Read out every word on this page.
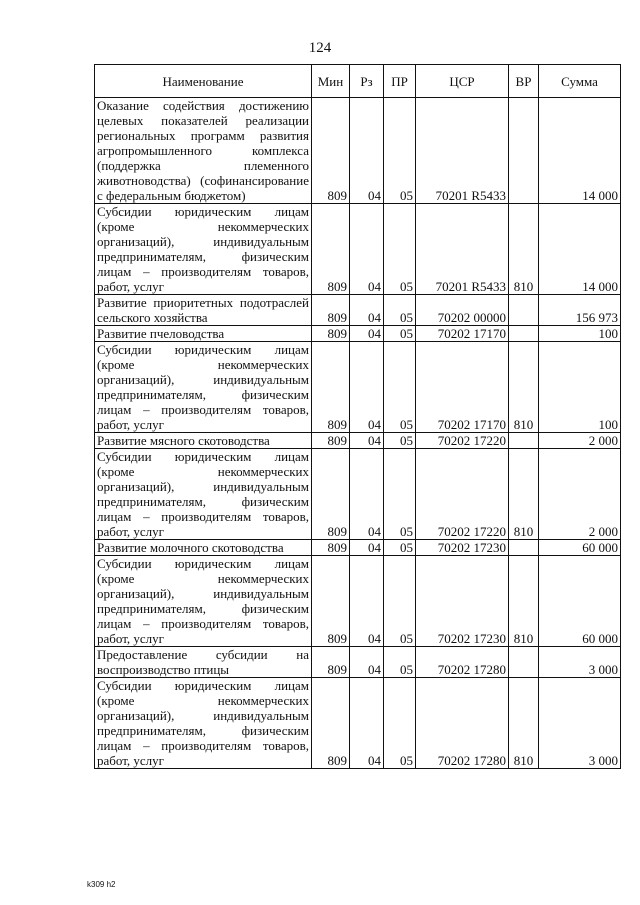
124
Наименование	Мин	Рз	ПР	ЦСР	ВР	Сумма
Оказание содействия достижению целевых показателей реализации региональных программ развития агропромышленного комплекса (поддержка племенного животноводства) (софинансирование с федеральным бюджетом)	809	04	05	70201 R5433		14 000
Субсидии юридическим лицам (кроме некоммерческих организаций), индивидуальным предпринимателям, физическим лицам – производителям товаров, работ, услуг	809	04	05	70201 R5433	810	14 000
Развитие приоритетных подотраслей сельского хозяйства	809	04	05	70202 00000		156 973
Развитие пчеловодства	809	04	05	70202 17170		100
Субсидии юридическим лицам (кроме некоммерческих организаций), индивидуальным предпринимателям, физическим лицам – производителям товаров, работ, услуг	809	04	05	70202 17170	810	100
Развитие мясного скотоводства	809	04	05	70202 17220		2 000
Субсидии юридическим лицам (кроме некоммерческих организаций), индивидуальным предпринимателям, физическим лицам – производителям товаров, работ, услуг	809	04	05	70202 17220	810	2 000
Развитие молочного скотоводства	809	04	05	70202 17230		60 000
Субсидии юридическим лицам (кроме некоммерческих организаций), индивидуальным предпринимателям, физическим лицам – производителям товаров, работ, услуг	809	04	05	70202 17230	810	60 000
Предоставление субсидии на воспроизводство птицы	809	04	05	70202 17280		3 000
Субсидии юридическим лицам (кроме некоммерческих организаций), индивидуальным предпринимателям, физическим лицам – производителям товаров, работ, услуг	809	04	05	70202 17280	810	3 000
k309 h2
